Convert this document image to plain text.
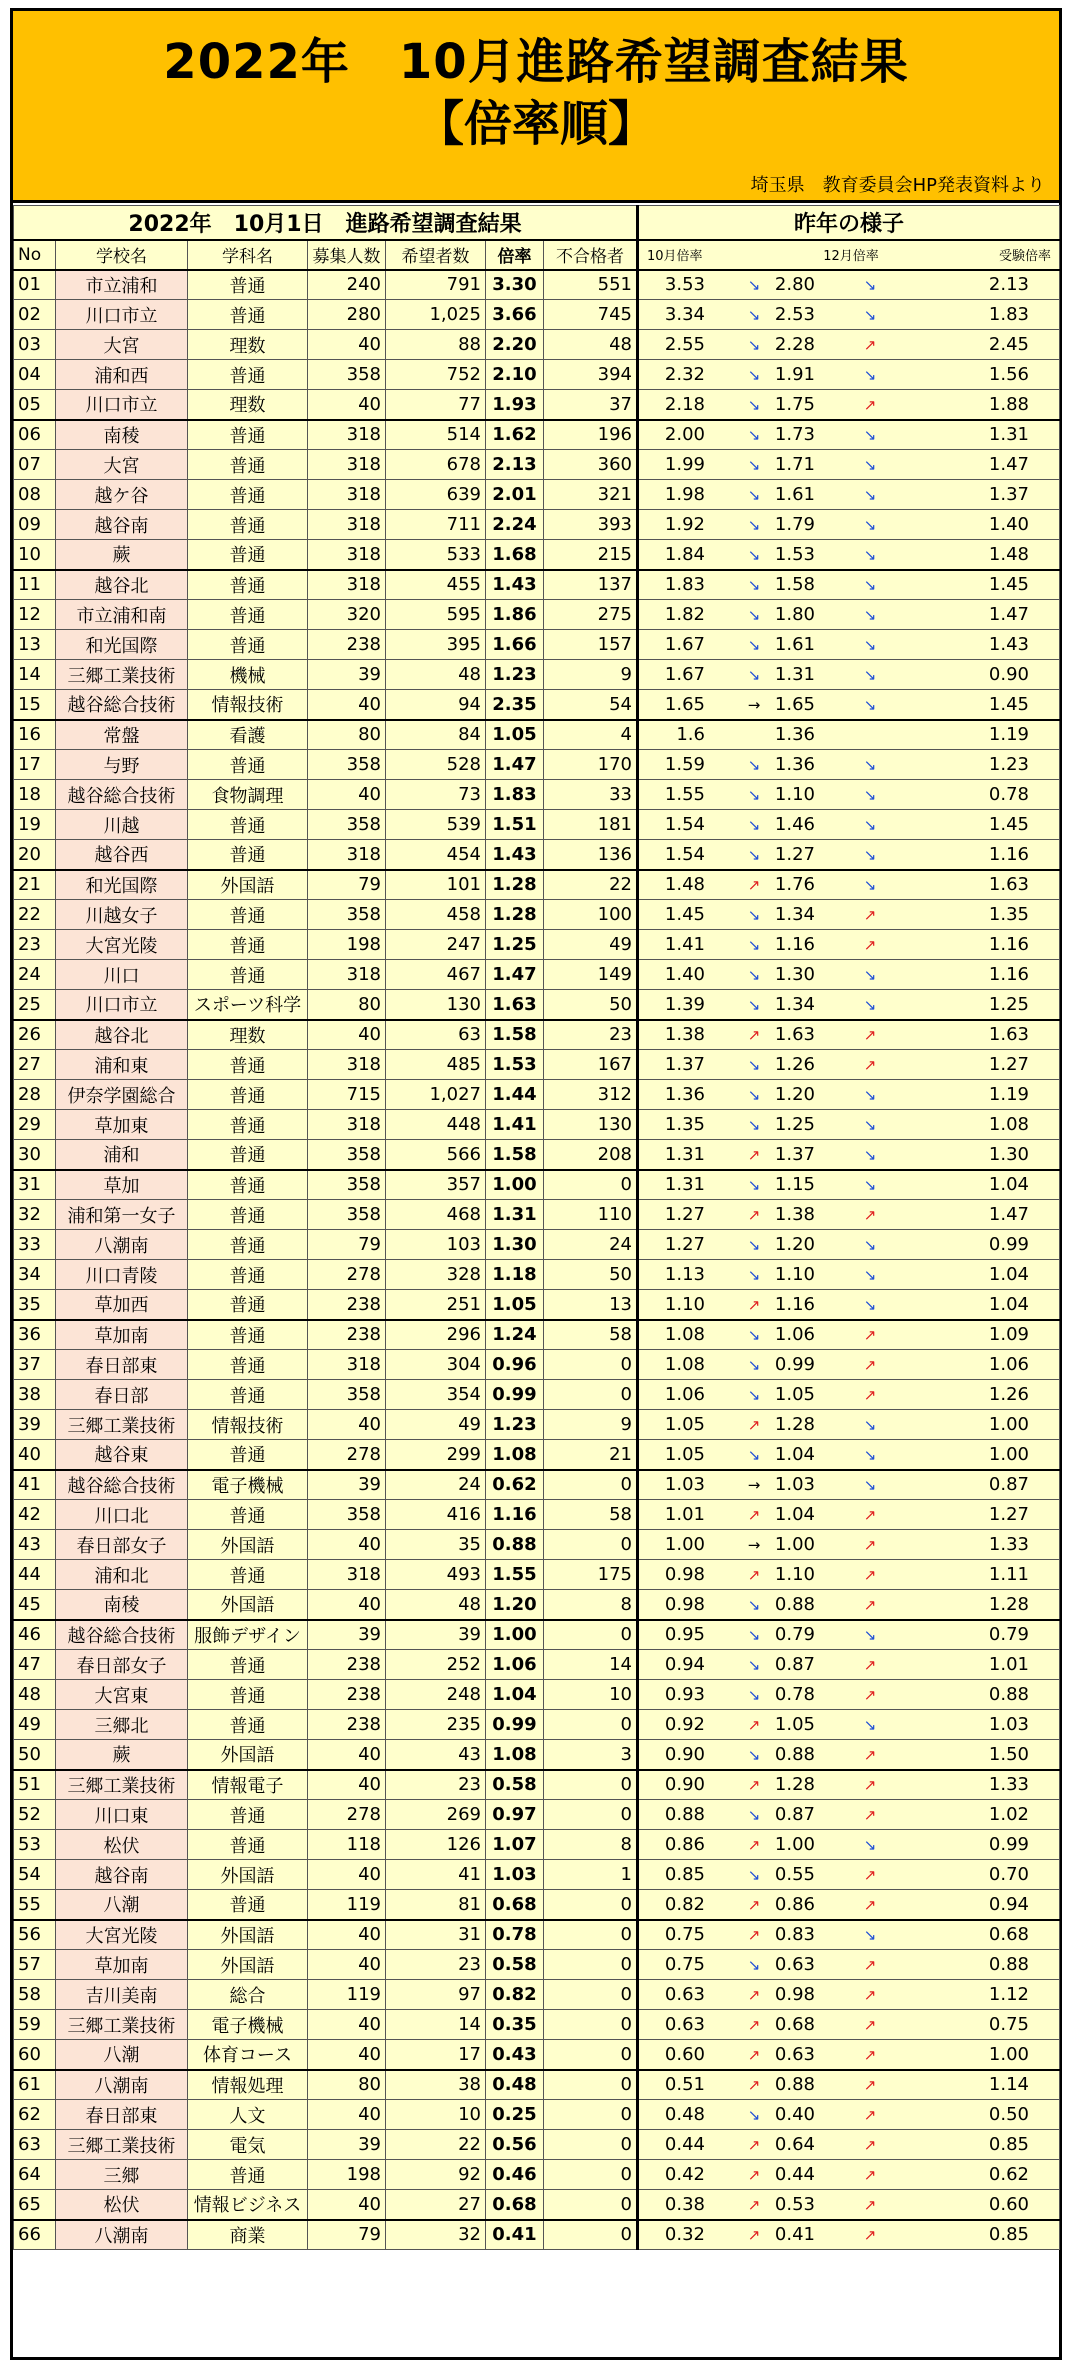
2022年　10月進路希望調査結果
【倍率順】
埼玉県　教育委員会HP発表資料より
2022年　10月1日　進路希望調査結果							昨年の様子
No	学校名	学科名	募集人数	希望者数	倍率	不合格者	10月倍率 12月倍率 受験倍率
01	市立浦和	普通	240	791	3.30	551	3.53 ↘ 2.80 ↘ 2.13
02	川口市立	普通	280	1,025	3.66	745	3.34 ↘ 2.53 ↘ 1.83
03	大宮	理数	40	88	2.20	48	2.55 ↘ 2.28 ↗ 2.45
04	浦和西	普通	358	752	2.10	394	2.32 ↘ 1.91 ↘ 1.56
05	川口市立	理数	40	77	1.93	37	2.18 ↘ 1.75 ↗ 1.88
06	南稜	普通	318	514	1.62	196	2.00 ↘ 1.73 ↘ 1.31
07	大宮	普通	318	678	2.13	360	1.99 ↘ 1.71 ↘ 1.47
08	越ケ谷	普通	318	639	2.01	321	1.98 ↘ 1.61 ↘ 1.37
09	越谷南	普通	318	711	2.24	393	1.92 ↘ 1.79 ↘ 1.40
10	蕨	普通	318	533	1.68	215	1.84 ↘ 1.53 ↘ 1.48
11	越谷北	普通	318	455	1.43	137	1.83 ↘ 1.58 ↘ 1.45
12	市立浦和南	普通	320	595	1.86	275	1.82 ↘ 1.80 ↘ 1.47
13	和光国際	普通	238	395	1.66	157	1.67 ↘ 1.61 ↘ 1.43
14	三郷工業技術	機械	39	48	1.23	9	1.67 ↘ 1.31 ↘ 0.90
15	越谷総合技術	情報技術	40	94	2.35	54	1.65 → 1.65 ↘ 1.45
16	常盤	看護	80	84	1.05	4	1.6 1.36 1.19
17	与野	普通	358	528	1.47	170	1.59 ↘ 1.36 ↘ 1.23
18	越谷総合技術	食物調理	40	73	1.83	33	1.55 ↘ 1.10 ↘ 0.78
19	川越	普通	358	539	1.51	181	1.54 ↘ 1.46 ↘ 1.45
20	越谷西	普通	318	454	1.43	136	1.54 ↘ 1.27 ↘ 1.16
21	和光国際	外国語	79	101	1.28	22	1.48 ↗ 1.76 ↘ 1.63
22	川越女子	普通	358	458	1.28	100	1.45 ↘ 1.34 ↗ 1.35
23	大宮光陵	普通	198	247	1.25	49	1.41 ↘ 1.16 ↗ 1.16
24	川口	普通	318	467	1.47	149	1.40 ↘ 1.30 ↘ 1.16
25	川口市立	スポーツ科学	80	130	1.63	50	1.39 ↘ 1.34 ↘ 1.25
26	越谷北	理数	40	63	1.58	23	1.38 ↗ 1.63 ↗ 1.63
27	浦和東	普通	318	485	1.53	167	1.37 ↘ 1.26 ↗ 1.27
28	伊奈学園総合	普通	715	1,027	1.44	312	1.36 ↘ 1.20 ↘ 1.19
29	草加東	普通	318	448	1.41	130	1.35 ↘ 1.25 ↘ 1.08
30	浦和	普通	358	566	1.58	208	1.31 ↗ 1.37 ↘ 1.30
31	草加	普通	358	357	1.00	0	1.31 ↘ 1.15 ↘ 1.04
32	浦和第一女子	普通	358	468	1.31	110	1.27 ↗ 1.38 ↗ 1.47
33	八潮南	普通	79	103	1.30	24	1.27 ↘ 1.20 ↘ 0.99
34	川口青陵	普通	278	328	1.18	50	1.13 ↘ 1.10 ↘ 1.04
35	草加西	普通	238	251	1.05	13	1.10 ↗ 1.16 ↘ 1.04
36	草加南	普通	238	296	1.24	58	1.08 ↘ 1.06 ↗ 1.09
37	春日部東	普通	318	304	0.96	0	1.08 ↘ 0.99 ↗ 1.06
38	春日部	普通	358	354	0.99	0	1.06 ↘ 1.05 ↗ 1.26
39	三郷工業技術	情報技術	40	49	1.23	9	1.05 ↗ 1.28 ↘ 1.00
40	越谷東	普通	278	299	1.08	21	1.05 ↘ 1.04 ↘ 1.00
41	越谷総合技術	電子機械	39	24	0.62	0	1.03 → 1.03 ↘ 0.87
42	川口北	普通	358	416	1.16	58	1.01 ↗ 1.04 ↗ 1.27
43	春日部女子	外国語	40	35	0.88	0	1.00 → 1.00 ↗ 1.33
44	浦和北	普通	318	493	1.55	175	0.98 ↗ 1.10 ↗ 1.11
45	南稜	外国語	40	48	1.20	8	0.98 ↘ 0.88 ↗ 1.28
46	越谷総合技術	服飾デザイン	39	39	1.00	0	0.95 ↘ 0.79 ↘ 0.79
47	春日部女子	普通	238	252	1.06	14	0.94 ↘ 0.87 ↗ 1.01
48	大宮東	普通	238	248	1.04	10	0.93 ↘ 0.78 ↗ 0.88
49	三郷北	普通	238	235	0.99	0	0.92 ↗ 1.05 ↘ 1.03
50	蕨	外国語	40	43	1.08	3	0.90 ↘ 0.88 ↗ 1.50
51	三郷工業技術	情報電子	40	23	0.58	0	0.90 ↗ 1.28 ↗ 1.33
52	川口東	普通	278	269	0.97	0	0.88 ↘ 0.87 ↗ 1.02
53	松伏	普通	118	126	1.07	8	0.86 ↗ 1.00 ↘ 0.99
54	越谷南	外国語	40	41	1.03	1	0.85 ↘ 0.55 ↗ 0.70
55	八潮	普通	119	81	0.68	0	0.82 ↗ 0.86 ↗ 0.94
56	大宮光陵	外国語	40	31	0.78	0	0.75 ↗ 0.83 ↘ 0.68
57	草加南	外国語	40	23	0.58	0	0.75 ↘ 0.63 ↗ 0.88
58	吉川美南	総合	119	97	0.82	0	0.63 ↗ 0.98 ↗ 1.12
59	三郷工業技術	電子機械	40	14	0.35	0	0.63 ↗ 0.68 ↗ 0.75
60	八潮	体育コース	40	17	0.43	0	0.60 ↗ 0.63 ↗ 1.00
61	八潮南	情報処理	80	38	0.48	0	0.51 ↗ 0.88 ↗ 1.14
62	春日部東	人文	40	10	0.25	0	0.48 ↘ 0.40 ↗ 0.50
63	三郷工業技術	電気	39	22	0.56	0	0.44 ↗ 0.64 ↗ 0.85
64	三郷	普通	198	92	0.46	0	0.42 ↗ 0.44 ↗ 0.62
65	松伏	情報ビジネス	40	27	0.68	0	0.38 ↗ 0.53 ↗ 0.60
66	八潮南	商業	79	32	0.41	0	0.32 ↗ 0.41 ↗ 0.85
